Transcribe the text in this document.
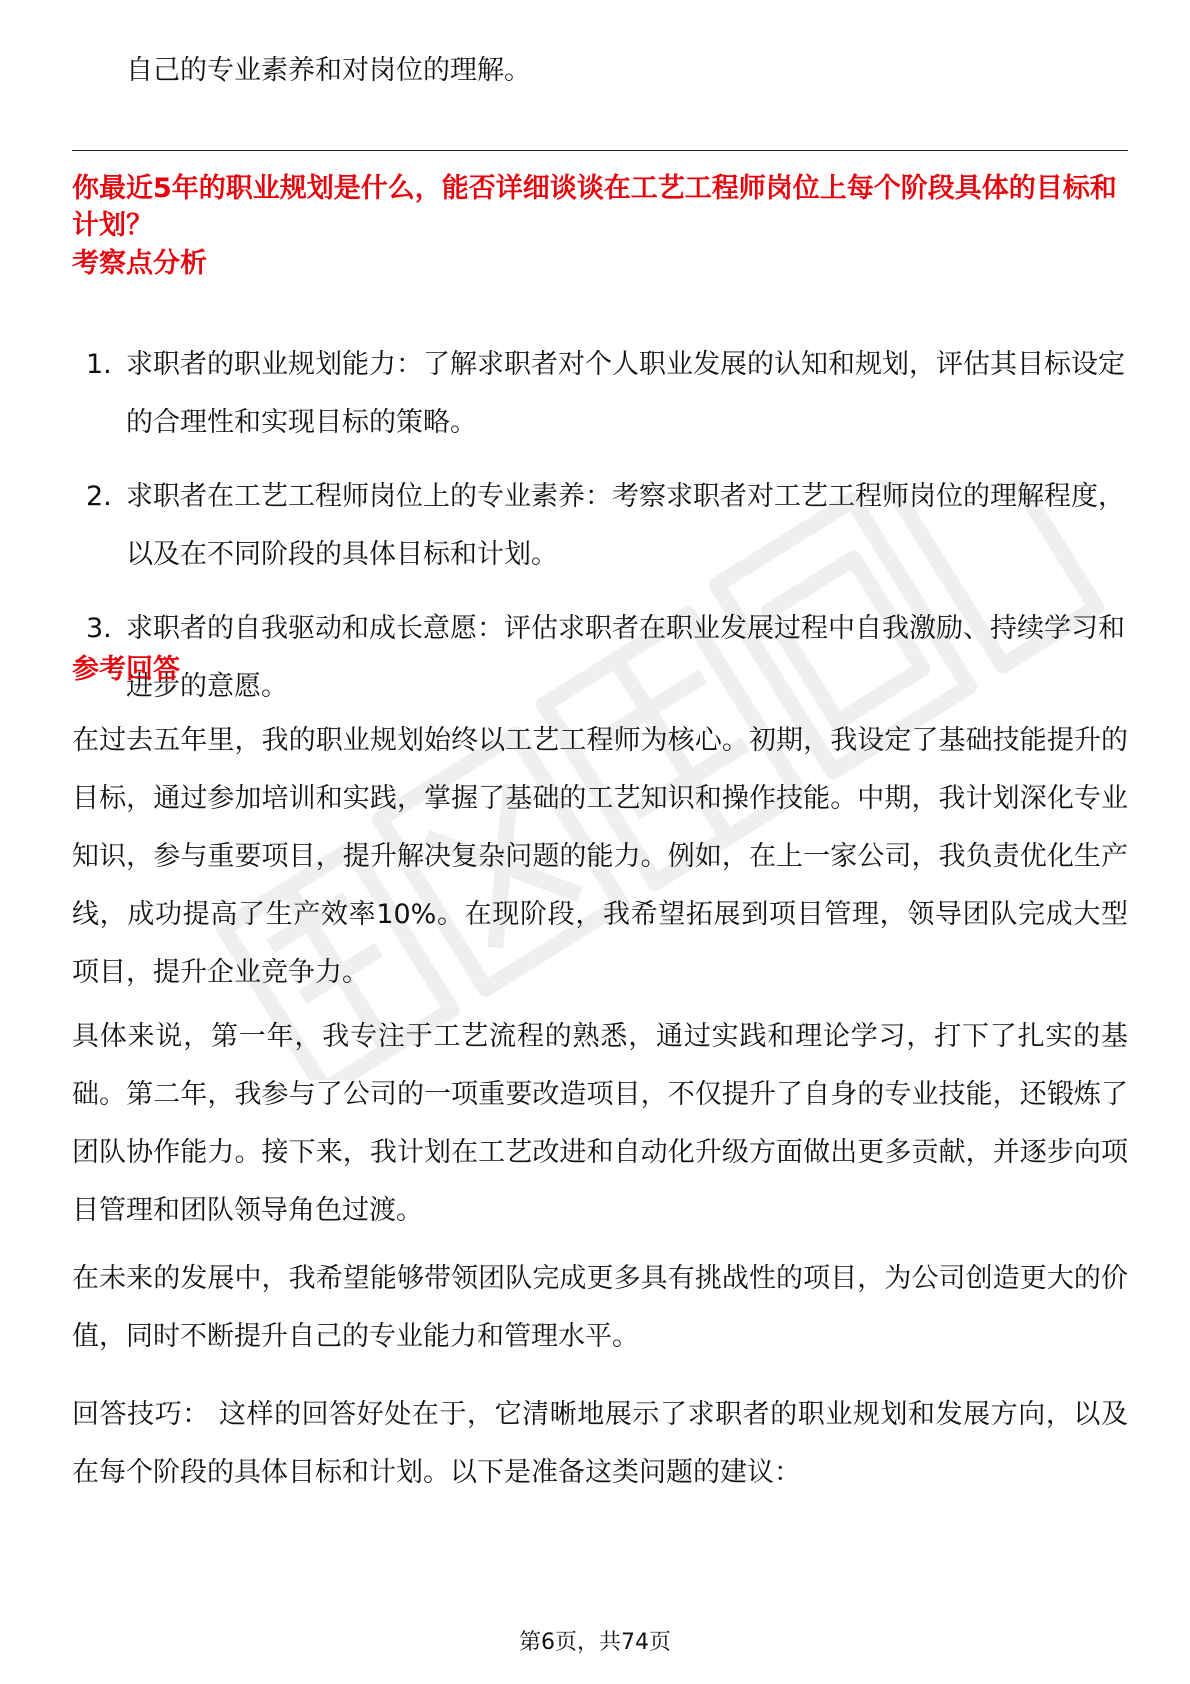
自己的专业素养和对岗位的理解。

你最近5年的职业规划是什么，能否详细谈谈在工艺工程师岗位上每个阶段具体的目标和计划？
考察点分析
1. 求职者的职业规划能力：了解求职者对个人职业发展的认知和规划，评估其目标设定的合理性和实现目标的策略。
2. 求职者在工艺工程师岗位上的专业素养：考察求职者对工艺工程师岗位的理解程度，以及在不同阶段的具体目标和计划。
3. 求职者的自我驱动和成长意愿：评估求职者在职业发展过程中自我激励、持续学习和进步的意愿。
参考回答

在过去五年里，我的职业规划始终以工艺工程师为核心。初期，我设定了基础技能提升的目标，通过参加培训和实践，掌握了基础的工艺知识和操作技能。中期，我计划深化专业知识，参与重要项目，提升解决复杂问题的能力。例如，在上一家公司，我负责优化生产线，成功提高了生产效率10%。在现阶段，我希望拓展到项目管理，领导团队完成大型项目，提升企业竞争力。

具体来说，第一年，我专注于工艺流程的熟悉，通过实践和理论学习，打下了扎实的基础。第二年，我参与了公司的一项重要改造项目，不仅提升了自身的专业技能，还锻炼了团队协作能力。接下来，我计划在工艺改进和自动化升级方面做出更多贡献，并逐步向项目管理和团队领导角色过渡。

在未来的发展中，我希望能够带领团队完成更多具有挑战性的项目，为公司创造更大的价值，同时不断提升自己的专业能力和管理水平。

回答技巧： 这样的回答好处在于，它清晰地展示了求职者的职业规划和发展方向，以及在每个阶段的具体目标和计划。以下是准备这类问题的建议：

第6页，共74页
